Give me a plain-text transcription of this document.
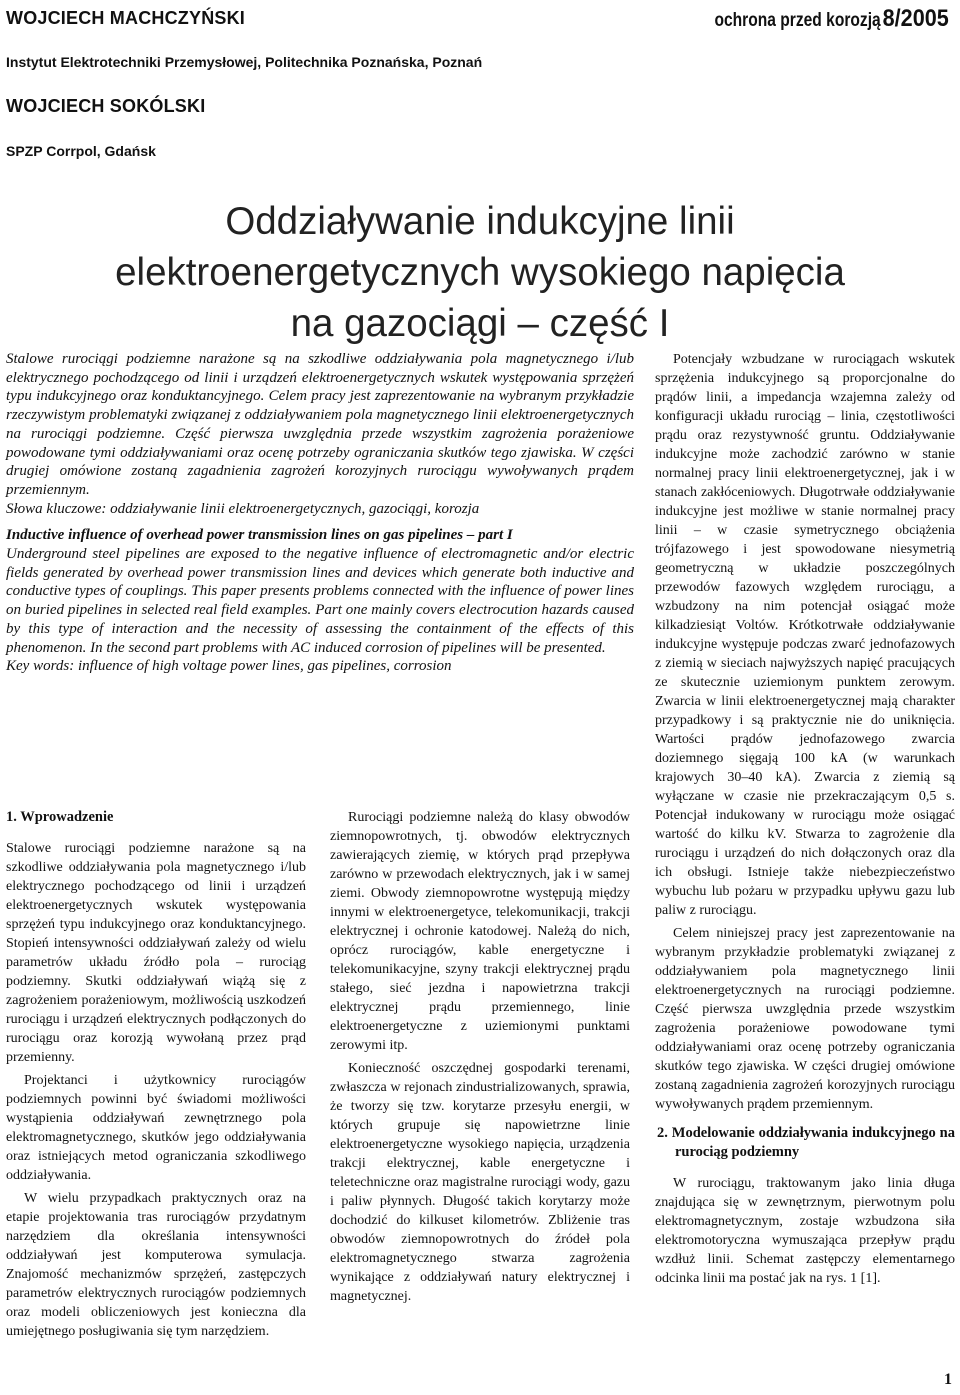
WOJCIECH MACHCZYŃSKI	ochrona przed korozją8/2005
Instytut Elektrotechniki Przemysłowej, Politechnika Poznańska, Poznań
WOJCIECH SOKÓLSKI
SPZP Corrpol, Gdańsk
Oddziaływanie indukcyjne linii
elektroenergetycznych wysokiego napięcia
na gazociągi – część I

Stalowe rurociągi podziemne narażone są na szkodliwe oddziaływania pola magnetycznego i/lub elektrycznego pochodzącego od linii i urządzeń elektroenergetycznych wskutek występowania sprzężeń typu indukcyjnego oraz konduktancyjnego. Celem pracy jest zaprezentowanie na wybranym przykładzie rzeczywistym problematyki związanej z oddziaływaniem pola magnetycznego linii elektroenergetycznych na rurociągi podziemne. Część pierwsza uwzględnia przede wszystkim zagrożenia porażeniowe powodowane tymi oddziaływaniami oraz ocenę potrzeby ograniczania skutków tego zjawiska. W części drugiej omówione zostaną zagadnienia zagrożeń korozyjnych rurociągu wywoływanych prądem przemiennym.

Słowa kluczowe: oddziaływanie linii elektroenergetycznych, gazociągi, korozja

Inductive influence of overhead power transmission lines on gas pipelines – part I

Underground steel pipelines are exposed to the negative influence of electromagnetic and/or electric fields generated by overhead power transmission lines and devices which generate both inductive and conductive types of couplings. This paper presents problems connected with the influence of power lines on buried pipelines in selected real field examples. Part one mainly covers electrocution hazards caused by this type of interaction and the necessity of assessing the containment of the effects of this phenomenon. In the second part problems with AC induced corrosion of pipelines will be presented.

Key words: influence of high voltage power lines, gas pipelines, corrosion

1. Wprowadzenie

Stalowe rurociągi podziemne narażone są na szkodliwe oddziaływania pola magnetycznego i/lub elektrycznego pochodzącego od linii i urządzeń elektroenergetycznych wskutek występowania sprzężeń typu indukcyjnego oraz konduktancyjnego. Stopień intensywności oddziaływań zależy od wielu parametrów układu źródło pola – rurociąg podziemny. Skutki oddziaływań wiążą się z zagrożeniem porażeniowym, możliwością uszkodzeń rurociągu i urządzeń elektrycznych podłączonych do rurociągu oraz korozją wywołaną przez prąd przemienny.

Projektanci i użytkownicy rurociągów podziemnych powinni być świadomi możliwości wystąpienia oddziaływań zewnętrznego pola elektromagnetycznego, skutków jego oddziaływania oraz istniejących metod ograniczania szkodliwego oddziaływania.

W wielu przypadkach praktycznych oraz na etapie projektowania tras rurociągów przydatnym narzędziem dla określania intensywności oddziaływań jest komputerowa symulacja. Znajomość mechanizmów sprzężeń, zastępczych parametrów elektrycznych rurociągów podziemnych oraz modeli obliczeniowych jest konieczna dla umiejętnego posługiwania się tym narzędziem.

Rurociągi podziemne należą do klasy obwodów ziemnopowrotnych, tj. obwodów elektrycznych zawierających ziemię, w których prąd przepływa zarówno w przewodach elektrycznych, jak i w samej ziemi. Obwody ziemnopowrotne występują między innymi w elektroenergetyce, telekomunikacji, trakcji elektrycznej i ochronie katodowej. Należą do nich, oprócz rurociągów, kable energetyczne i telekomunikacyjne, szyny trakcji elektrycznej prądu stałego, sieć jezdna i napowietrzna trakcji elektrycznej prądu przemiennego, linie elektroenergetyczne z uziemionymi punktami zerowymi itp.

Konieczność oszczędnej gospodarki terenami, zwłaszcza w rejonach zindustrializowanych, sprawia, że tworzy się tzw. korytarze przesyłu energii, w których grupuje się napowietrzne linie elektroenergetyczne wysokiego napięcia, urządzenia trakcji elektrycznej, kable energetyczne i teletechniczne oraz magistralne rurociągi wody, gazu i paliw płynnych. Długość takich korytarzy może dochodzić do kilkuset kilometrów. Zbliżenie tras obwodów ziemnopowrotnych do źródeł pola elektromagnetycznego stwarza zagrożenia wynikające z oddziaływań natury elektrycznej i magnetycznej.

Potencjały wzbudzane w rurociągach wskutek sprzężenia indukcyjnego są proporcjonalne do prądów linii, a impedancja wzajemna zależy od konfiguracji układu rurociąg – linia, częstotliwości prądu oraz rezystywność gruntu. Oddziaływanie indukcyjne może zachodzić zarówno w stanie normalnej pracy linii elektroenergetycznej, jak i w stanach zakłóceniowych. Długotrwałe oddziaływanie indukcyjne jest możliwe w stanie normalnej pracy linii – w czasie symetrycznego obciążenia trójfazowego i jest spowodowane niesymetrią geometryczną w układzie poszczególnych przewodów fazowych względem rurociągu, a wzbudzony na nim potencjał osiągać może kilkadziesiąt Voltów. Krótkotrwałe oddziaływanie indukcyjne występuje podczas zwarć jednofazowych z ziemią w sieciach najwyższych napięć pracujących ze skutecznie uziemionym punktem zerowym. Zwarcia w linii elektroenergetycznej mają charakter przypadkowy i są praktycznie nie do uniknięcia. Wartości prądów jednofazowego zwarcia doziemnego sięgają 100 kA (w warunkach krajowych 30–40 kA). Zwarcia z ziemią są wyłączane w czasie nie przekraczającym 0,5 s. Potencjał indukowany w rurociągu może osiągać wartość do kilku kV. Stwarza to zagrożenie dla rurociągu i urządzeń do nich dołączonych oraz dla ich obsługi. Istnieje także niebezpieczeństwo wybuchu lub pożaru w przypadku upływu gazu lub paliw z rurociągu.

Celem niniejszej pracy jest zaprezentowanie na wybranym przykładzie problematyki związanej z oddziaływaniem pola magnetycznego linii elektroenergetycznych na rurociągi podziemne. Część pierwsza uwzględnia przede wszystkim zagrożenia porażeniowe powodowane tymi oddziaływaniami oraz ocenę potrzeby ograniczania skutków tego zjawiska. W części drugiej omówione zostaną zagadnienia zagrożeń korozyjnych rurociągu wywoływanych prądem przemiennym.

2. Modelowanie oddziaływania indukcyjnego na rurociąg podziemny

W rurociągu, traktowanym jako linia długa znajdująca się w zewnętrznym, pierwotnym polu elektromagnetycznym, zostaje wzbudzona siła elektromotoryczna wymuszająca przepływ prądu wzdłuż linii. Schemat zastępczy elementarnego odcinka linii ma postać jak na rys. 1 [1].

1
